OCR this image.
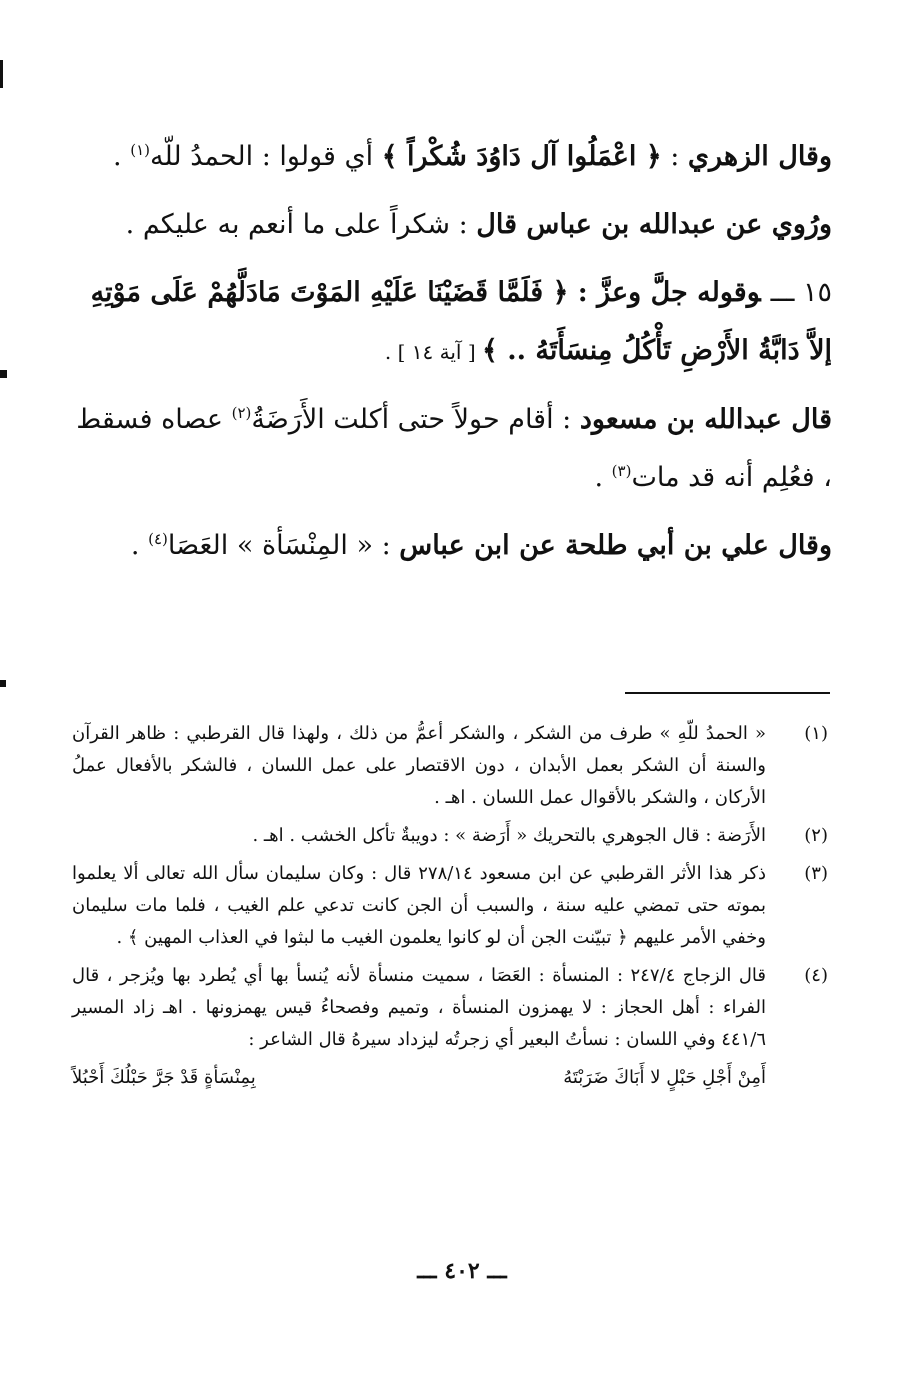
وقال الزهري : ﴿ اعْمَلُوا آل دَاوُدَ شُكْراً ﴾ أي قولوا : الحمدُ للّه$^{(١)}$ .

ورُوي عن عبدالله بن عباس قال : شكراً على ما أنعم به عليكم .

١٥ ـــوقوله جلَّ وعزَّ : ﴿ فَلَمَّا قَضَيْنَا عَلَيْهِ المَوْتَ مَادَلَّهُمْ عَلَى مَوْتِهِ إلاَّ دَابَّةُ الأَرْضِ تَأْكُلُ مِنسَأَتَهُ .. ﴾ [ آية ١٤ ] .

قال عبدالله بن مسعود : أقام حولاً حتى أكلت الأَرَضَةُ$^{(٢)}$ عصاه فسقط ، فعُلِم أنه قد مات$^{(٣)}$ .

وقال علي بن أبي طلحة عن ابن عباس : « المِنْسَأة » العَصَا$^{(٤)}$ .

(١)
« الحمدُ للّهِ » طرف من الشكر ، والشكر أعمُّ من ذلك ، ولهذا قال القرطبي : ظاهر القرآن والسنة أن الشكر بعمل الأبدان ، دون الاقتصار على عمل اللسان ، فالشكر بالأفعال عملُ الأركان ، والشكر بالأقوال عمل اللسان . اهـ .
(٢)
الأَرَضة : قال الجوهري بالتحريك « أَرَضة » : دويبةٌ تأكل الخشب . اهـ .
(٣)
ذكر هذا الأثر القرطبي عن ابن مسعود ٢٧٨/١٤ قال : وكان سليمان سأل الله تعالى ألا يعلموا بموته حتى تمضي عليه سنة ، والسبب أن الجن كانت تدعي علم الغيب ، فلما مات سليمان وخفي الأمر عليهم ﴿ تبيّنت الجن أن لو كانوا يعلمون الغيب ما لبثوا في العذاب المهين ﴾ .
(٤)
قال الزجاج ٢٤٧/٤ : المنسأة : العَصَا ، سميت منسأة لأنه يُنسأ بها أي يُطرد بها ويُزجر ، قال الفراء : أهل الحجاز : لا يهمزون المنسأة ، وتميم وفصحاءُ قيس يهمزونها . اهـ زاد المسير ٤٤١/٦ وفي اللسان : نسأتُ البعير أي زجرتُه ليزداد سيرهُ قال الشاعر :
أَمِنْ أَجْلِ حَبْلٍ لا أَبَاكَ ضَرَبْتَهُ
بِمِنْسَأةٍ قَدْ جَرَّ حَبْلُكَ أَحْبُلاً
ـــ ٤٠٢ ـــ
